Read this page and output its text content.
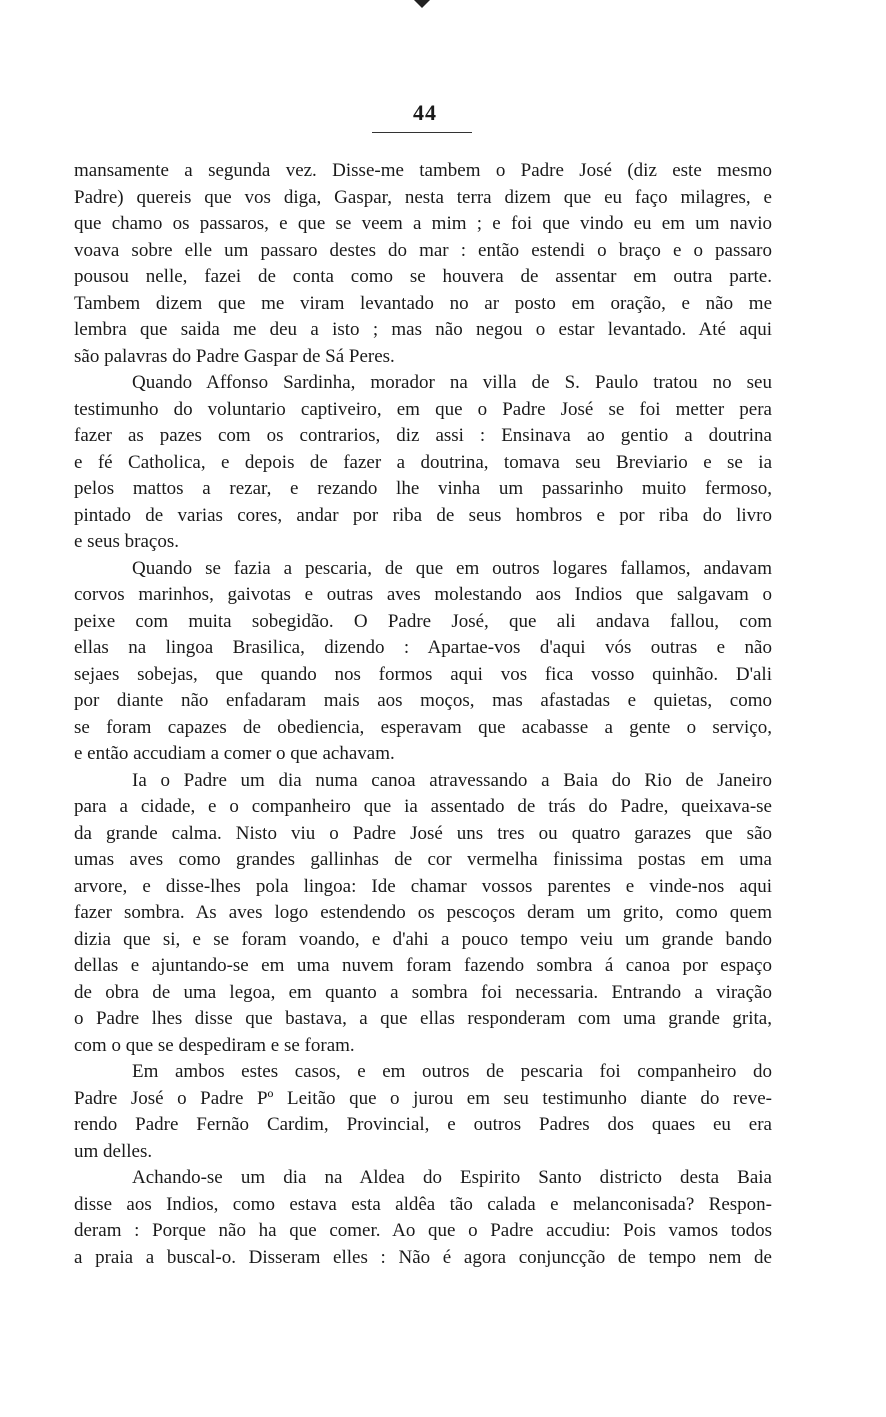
44
mansamente a segunda vez. Disse-me tambem o Padre José (diz este mesmo
Padre) quereis que vos diga, Gaspar, nesta terra dizem que eu faço milagres, e
que chamo os passaros, e que se veem a mim ; e foi que vindo eu em um navio
voava sobre elle um passaro destes do mar : então estendi o braço e o passaro
pousou nelle, fazei de conta como se houvera de assentar em outra parte.
Tambem dizem que me viram levantado no ar posto em oração, e não me
lembra que saida me deu a isto ; mas não negou o estar levantado. Até aqui
são palavras do Padre Gaspar de Sá Peres.
Quando Affonso Sardinha, morador na villa de S. Paulo tratou no seu
testimunho do voluntario captiveiro, em que o Padre José se foi metter pera
fazer as pazes com os contrarios, diz assi : Ensinava ao gentio a doutrina
e fé Catholica, e depois de fazer a doutrina, tomava seu Breviario e se ia
pelos mattos a rezar, e rezando lhe vinha um passarinho muito fermoso,
pintado de varias cores, andar por riba de seus hombros e por riba do livro
e seus braços.
Quando se fazia a pescaria, de que em outros logares fallamos, andavam
corvos marinhos, gaivotas e outras aves molestando aos Indios que salgavam o
peixe com muita sobegidão. O Padre José, que ali andava fallou, com
ellas na lingoa Brasilica, dizendo : Apartae-vos d'aqui vós outras e não
sejaes sobejas, que quando nos formos aqui vos fica vosso quinhão. D'ali
por diante não enfadaram mais aos moços, mas afastadas e quietas, como
se foram capazes de obediencia, esperavam que acabasse a gente o serviço,
e então accudiam a comer o que achavam.
Ia o Padre um dia numa canoa atravessando a Baia do Rio de Janeiro
para a cidade, e o companheiro que ia assentado de trás do Padre, queixava-se
da grande calma. Nisto viu o Padre José uns tres ou quatro garazes que são
umas aves como grandes gallinhas de cor vermelha finissima postas em uma
arvore, e disse-lhes pola lingoa: Ide chamar vossos parentes e vinde-nos aqui
fazer sombra. As aves logo estendendo os pescoços deram um grito, como quem
dizia que si, e se foram voando, e d'ahi a pouco tempo veiu um grande bando
dellas e ajuntando-se em uma nuvem foram fazendo sombra á canoa por espaço
de obra de uma legoa, em quanto a sombra foi necessaria. Entrando a viração
o Padre lhes disse que bastava, a que ellas responderam com uma grande grita,
com o que se despediram e se foram.
Em ambos estes casos, e em outros de pescaria foi companheiro do
Padre José o Padre Pº Leitão que o jurou em seu testimunho diante do reve-
rendo Padre Fernão Cardim, Provincial, e outros Padres dos quaes eu era
um delles.
Achando-se um dia na Aldea do Espirito Santo districto desta Baia
disse aos Indios, como estava esta aldêa tão calada e melanconisada? Respon-
deram : Porque não ha que comer. Ao que o Padre accudiu: Pois vamos todos
a praia a buscal-o. Disseram elles : Não é agora conjuncção de tempo nem de
